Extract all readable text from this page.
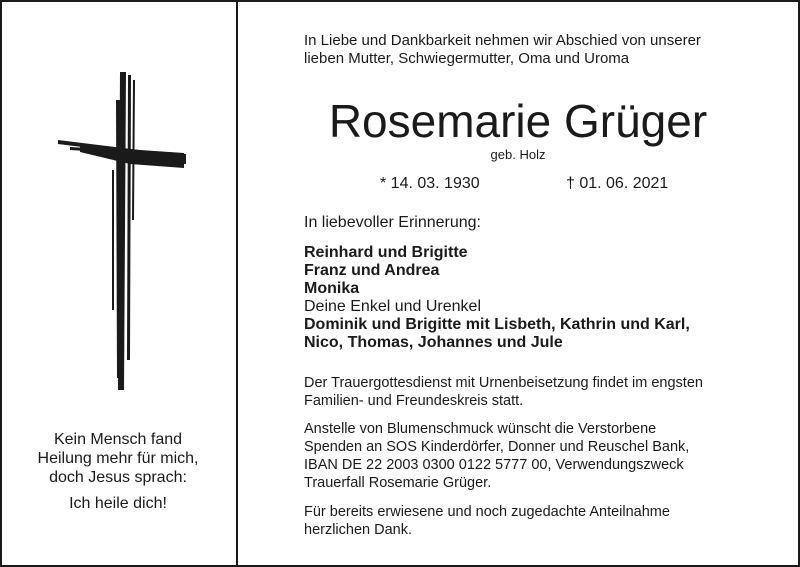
Kein Mensch fand
Heilung mehr für mich,
doch Jesus sprach:
Ich heile dich!
In Liebe und Dankbarkeit nehmen wir Abschied von unserer
lieben Mutter, Schwiegermutter, Oma und Uroma
Rosemarie Grüger
geb. Holz
* 14. 03. 1930	† 01. 06. 2021
In liebevoller Erinnerung:
Reinhard und Brigitte
Franz und Andrea
Monika
Deine Enkel und Urenkel
Dominik und Brigitte mit Lisbeth, Kathrin und Karl,
Nico, Thomas, Johannes und Jule
Der Trauergottesdienst mit Urnenbeisetzung findet im engsten
Familien- und Freundeskreis statt.
Anstelle von Blumenschmuck wünscht die Verstorbene
Spenden an SOS Kinderdörfer, Donner und Reuschel Bank,
IBAN DE 22 2003 0300 0122 5777 00, Verwendungszweck
Trauerfall Rosemarie Grüger.
Für bereits erwiesene und noch zugedachte Anteilnahme
herzlichen Dank.
